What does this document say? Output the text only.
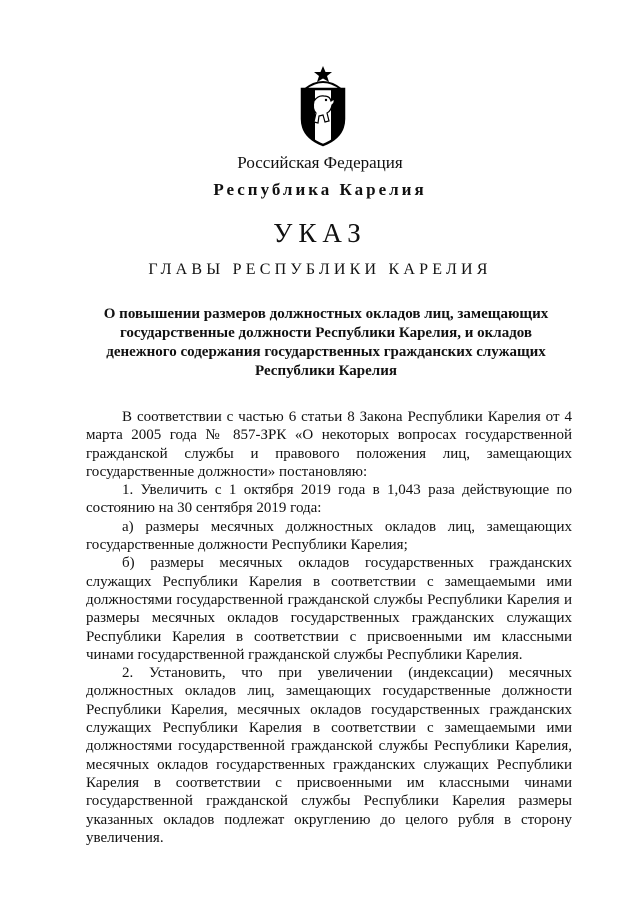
Российская Федерация
Республика Карелия
УКАЗ
ГЛАВЫ РЕСПУБЛИКИ КАРЕЛИЯ
О повышении размеров должностных окладов лиц, замещающих государственные должности Республики Карелия, и окладов денежного содержания государственных гражданских служащих Республики Карелия

В соответствии с частью 6 статьи 8 Закона Республики Карелия от 4 марта 2005 года № 857-ЗРК «О некоторых вопросах государственной гражданской службы и правового положения лиц, замещающих государственные должности» постановляю:

1. Увеличить с 1 октября 2019 года в 1,043 раза действующие по состоянию на 30 сентября 2019 года:

а) размеры месячных должностных окладов лиц, замещающих государственные должности Республики Карелия;

б) размеры месячных окладов государственных гражданских служащих Республики Карелия в соответствии с замещаемыми ими должностями государственной гражданской службы Республики Карелия и размеры месячных окладов государственных гражданских служащих Республики Карелия в соответствии с присвоенными им классными чинами государственной гражданской службы Республики Карелия.

2. Установить, что при увеличении (индексации) месячных должностных окладов лиц, замещающих государственные должности Республики Карелия, месячных окладов государственных гражданских служащих Республики Карелия в соответствии с замещаемыми ими должностями государственной гражданской службы Республики Карелия, месячных окладов государственных гражданских служащих Республики Карелия в соответствии с присвоенными им классными чинами государственной гражданской службы Республики Карелия размеры указанных окладов подлежат округлению до целого рубля в сторону увеличения.
